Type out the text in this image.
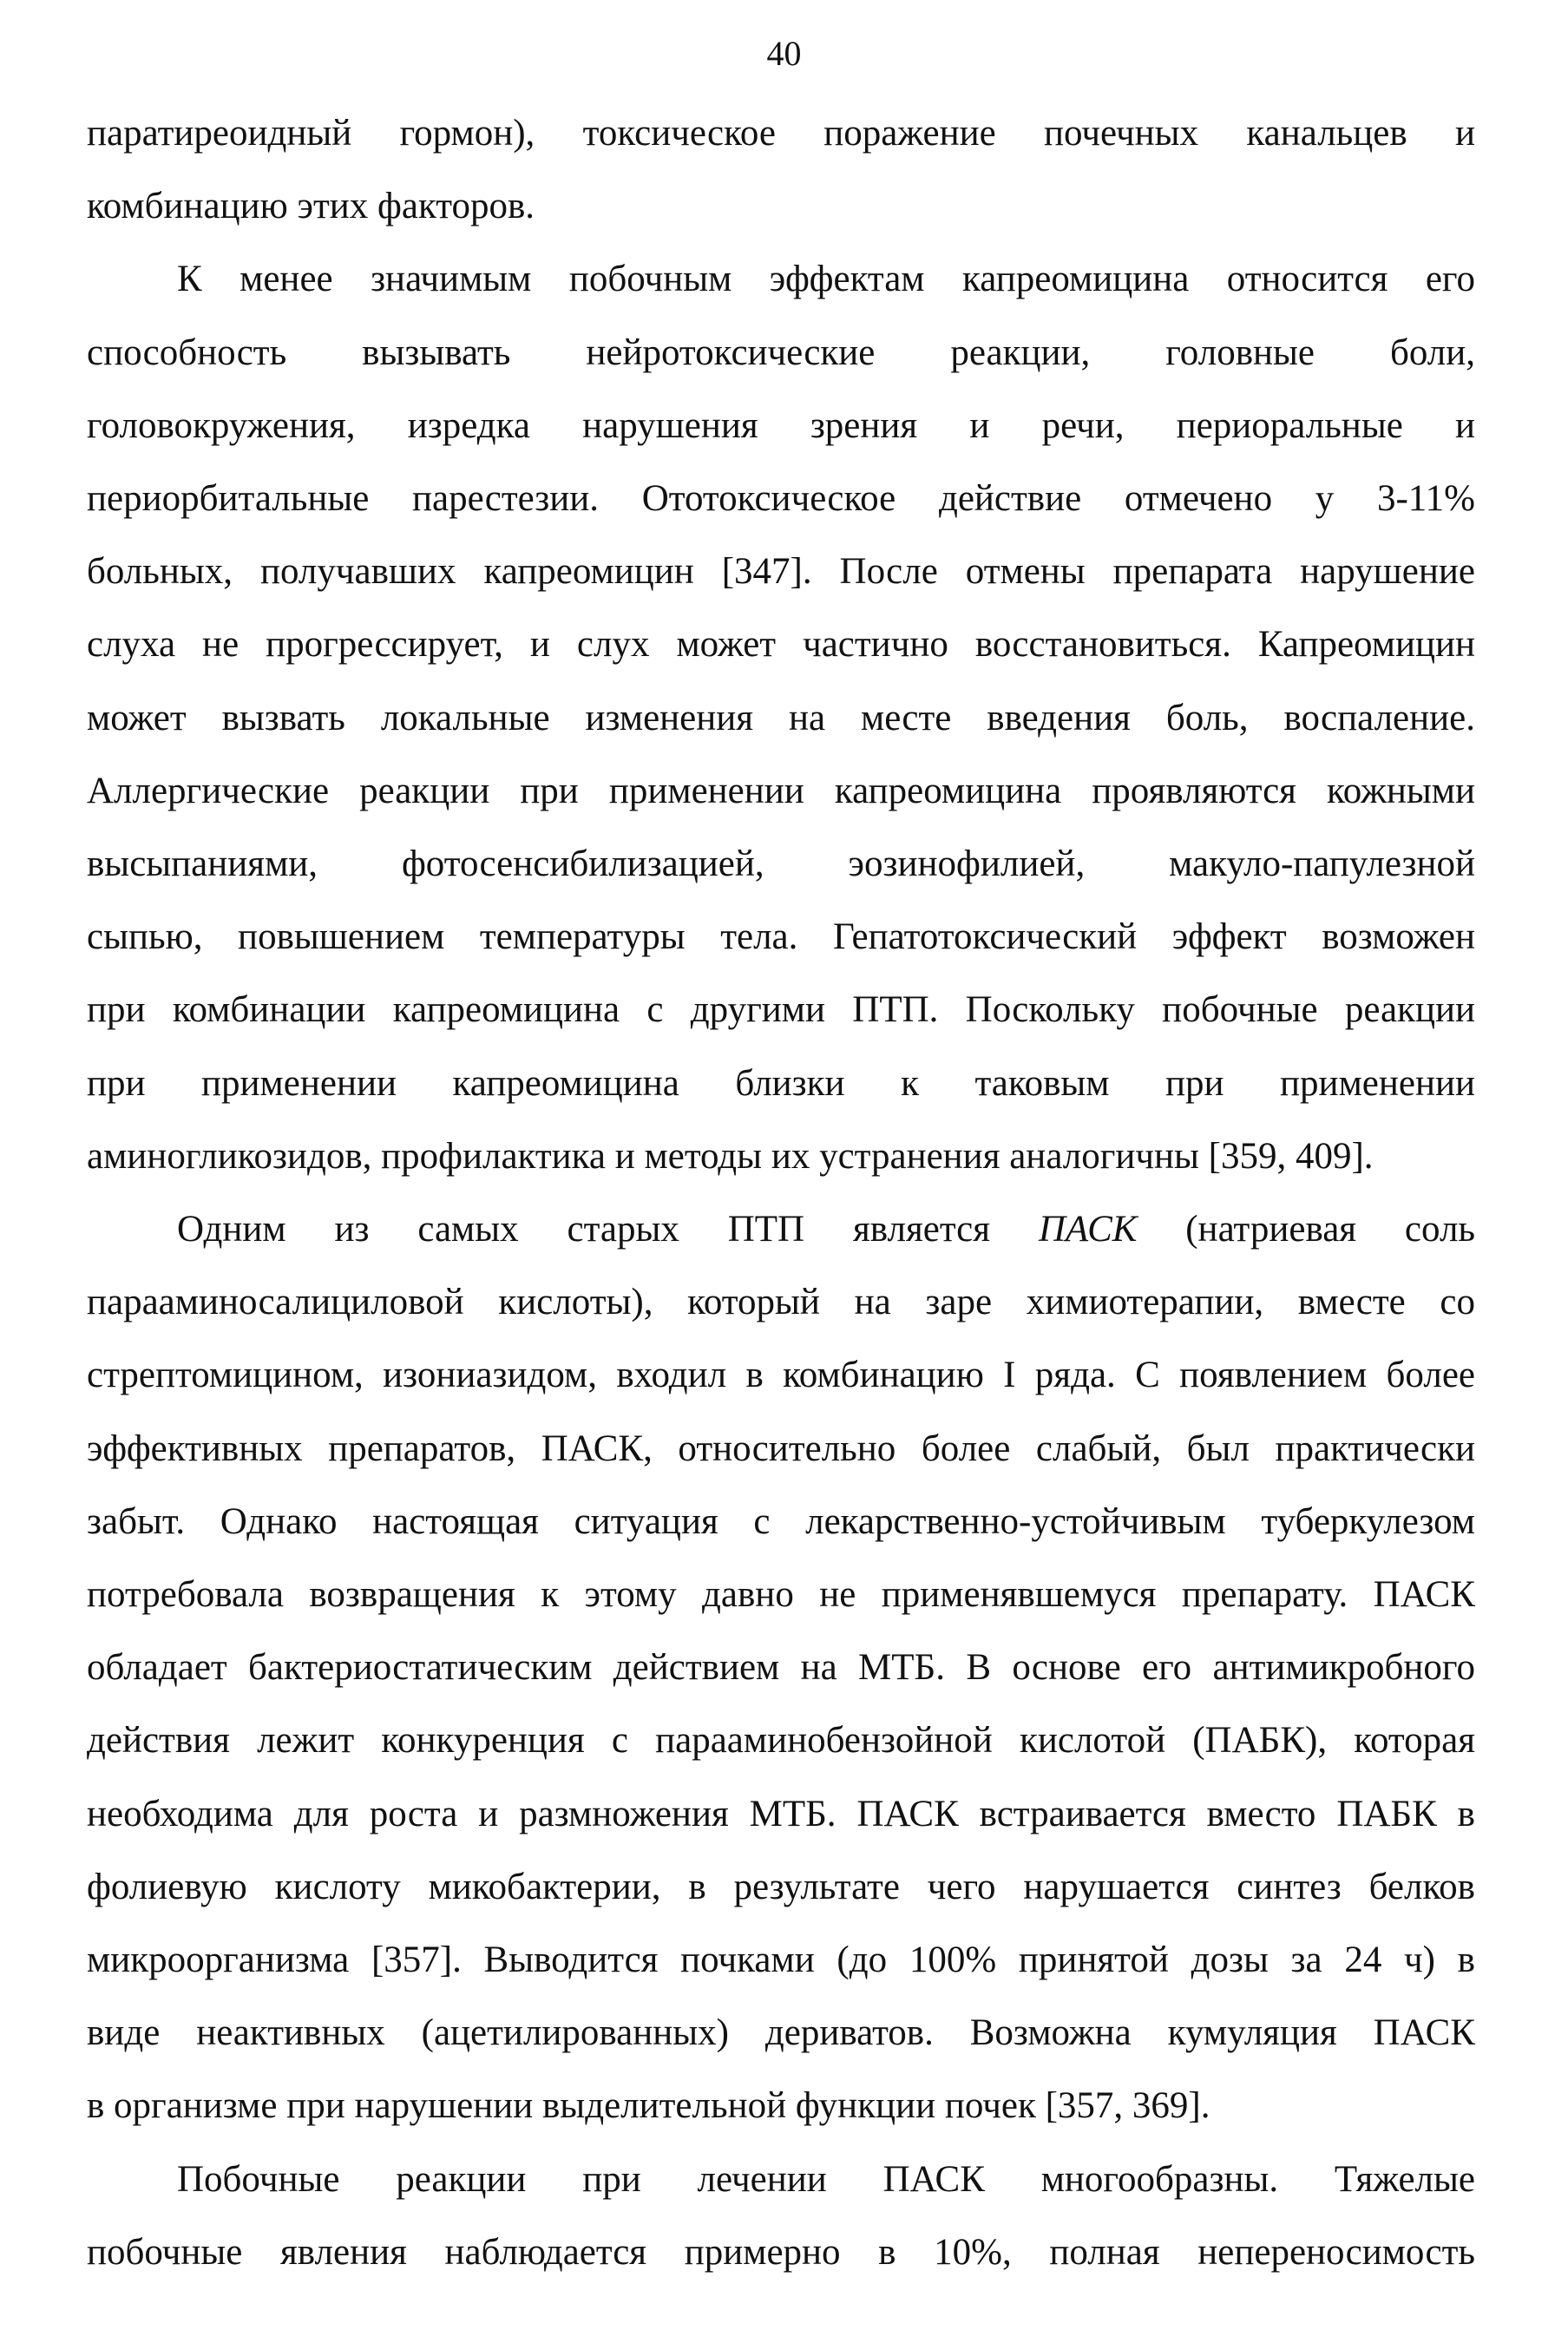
40

паратиреоидный гормон), токсическое поражение почечных канальцев и

комбинацию этих факторов.

К менее значимым побочным эффектам капреомицина относится его

способность вызывать нейротоксические реакции, головные боли,

головокружения, изредка нарушения зрения и речи, периоральные и

периорбитальные парестезии. Ототоксическое действие отмечено у 3-11%

больных, получавших капреомицин [347]. После отмены препарата нарушение

слуха не прогрессирует, и слух может частично восстановиться. Капреомицин

может вызвать локальные изменения на месте введения боль, воспаление.

Аллергические реакции при применении капреомицина проявляются кожными

высыпаниями, фотосенсибилизацией, эозинофилией, макуло-папулезной

сыпью, повышением температуры тела. Гепатотоксический эффект возможен

при комбинации капреомицина с другими ПТП. Поскольку побочные реакции

при применении капреомицина близки к таковым при применении

аминогликозидов, профилактика и методы их устранения аналогичны [359, 409].

Одним из самых старых ПТП является ПАСК (натриевая соль

парааминосалициловой кислоты), который на заре химиотерапии, вместе со

стрептомицином, изониазидом, входил в комбинацию I ряда. С появлением более

эффективных препаратов, ПАСК, относительно более слабый, был практически

забыт. Однако настоящая ситуация с лекарственно-устойчивым туберкулезом

потребовала возвращения к этому давно не применявшемуся препарату. ПАСК

обладает бактериостатическим действием на МТБ. В основе его антимикробного

действия лежит конкуренция с парааминобензойной кислотой (ПАБК), которая

необходима для роста и размножения МТБ. ПАСК встраивается вместо ПАБК в

фолиевую кислоту микобактерии, в результате чего нарушается синтез белков

микроорганизма [357]. Выводится почками (до 100% принятой дозы за 24 ч) в

виде неактивных (ацетилированных) дериватов. Возможна кумуляция ПАСК

в организме при нарушении выделительной функции почек [357, 369].

Побочные реакции при лечении ПАСК многообразны. Тяжелые

побочные явления наблюдается примерно в 10%, полная непереносимость
